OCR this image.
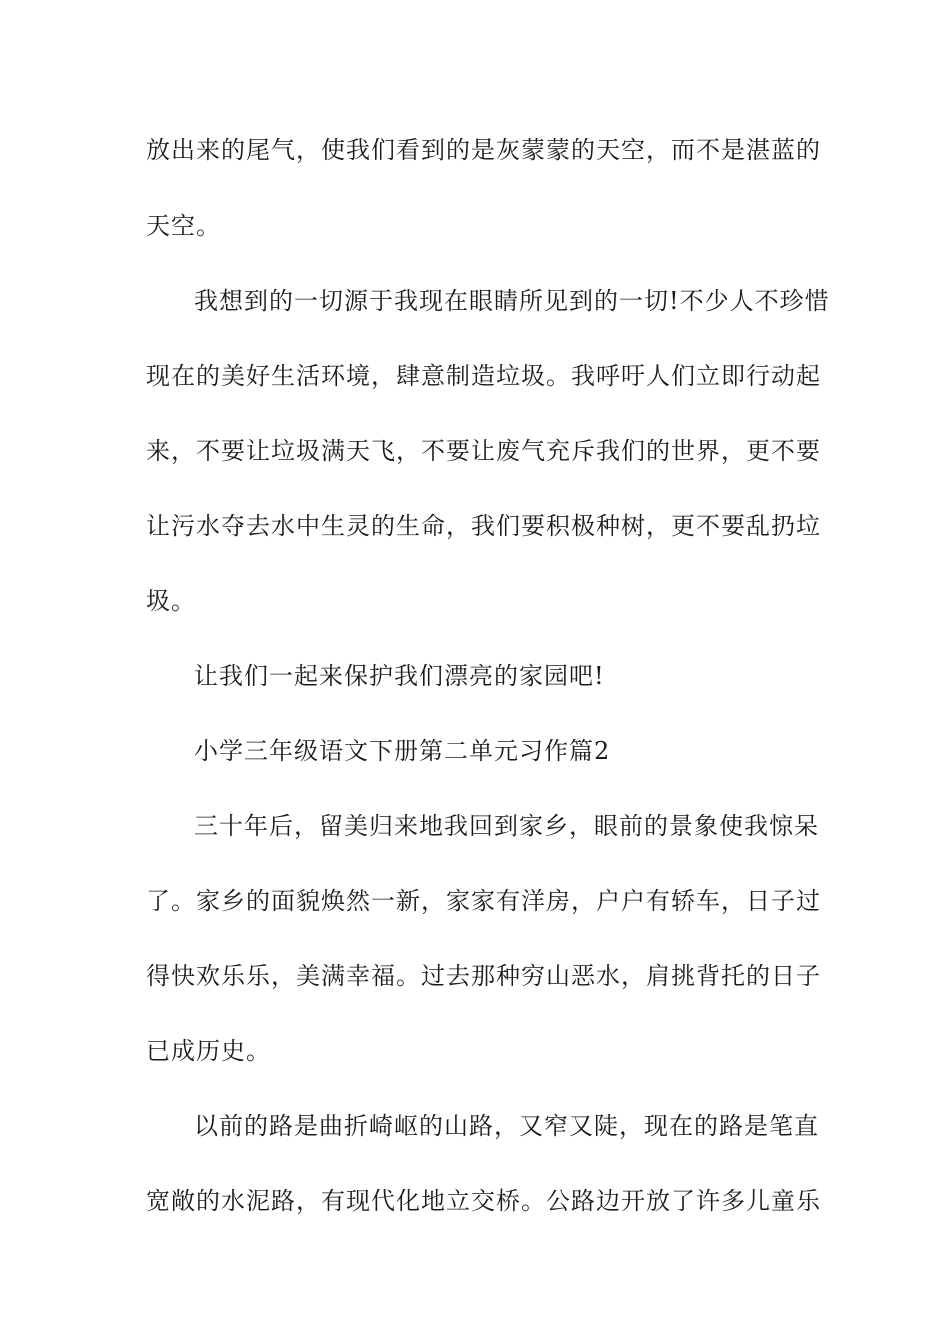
放出来的尾气，使我们看到的是灰蒙蒙的天空，而不是湛蓝的
天空。
我想到的一切源于我现在眼睛所见到的一切!不少人不珍惜
现在的美好生活环境，肆意制造垃圾。我呼吁人们立即行动起
来，不要让垃圾满天飞，不要让废气充斥我们的世界，更不要
让污水夺去水中生灵的生命，我们要积极种树，更不要乱扔垃
圾。
让我们一起来保护我们漂亮的家园吧!
小学三年级语文下册第二单元习作篇2
三十年后，留美归来地我回到家乡，眼前的景象使我惊呆
了。家乡的面貌焕然一新，家家有洋房，户户有轿车，日子过
得快欢乐乐，美满幸福。过去那种穷山恶水，肩挑背托的日子
已成历史。
以前的路是曲折崎岖的山路，又窄又陡，现在的路是笔直
宽敞的水泥路，有现代化地立交桥。公路边开放了许多儿童乐
